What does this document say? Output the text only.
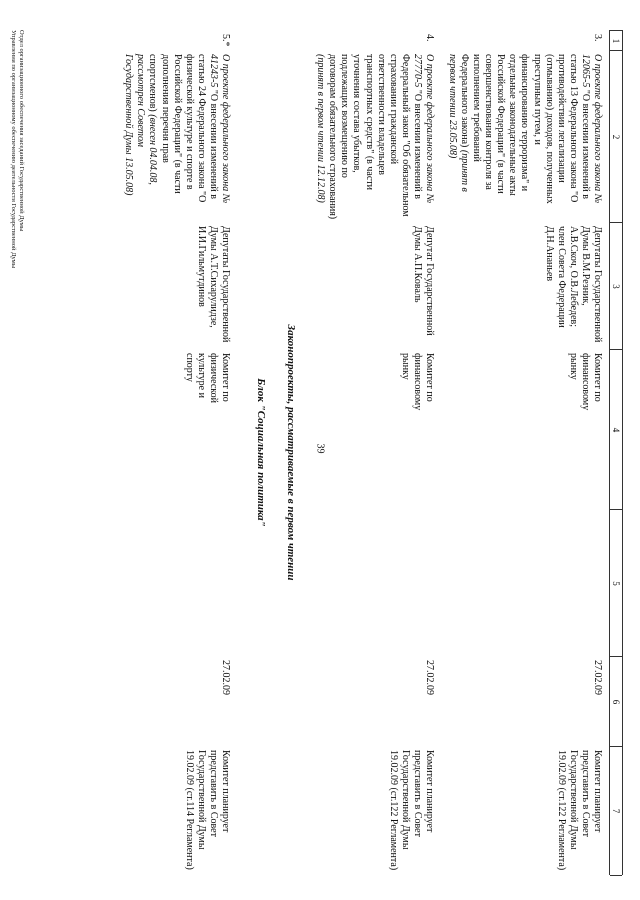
39
1
2
3
4
5
6
7
3.
О проекте федерального закона № 12065-5 "О внесении изменений в статью 13 Федерального закона "О противодействии легализации (отмыванию) доходов, полученных преступным путем, и финансированию терроризма" и отдельные законодательные акты Российской Федерации" (в части совершенствования контроля за исполнением требований Федерального закона) (принят в первом чтении 23.05.08)
Депутаты Государственной Думы В.М.Резник, А.В.Скоч, О.В.Лебедев; член Совета Федерации Д.Н.Ананьев
Комитет по финансовому рынку
27.02.09
Комитет планирует представить в Совет Государственной Думы 19.02.09 (ст.122 Регламента)
4.
О проекте федерального закона № 27770-5 "О внесении изменений в Федеральный закон "Об обязательном страховании гражданской ответственности владельцев транспортных средств" (в части уточнения состава убытков, подлежащих возмещению по договорам обязательного страхования) (принят в первом чтении 12.12.08)
Депутат Государственной Думы А.П.Коваль
Комитет по финансовому рынку
27.02.09
Комитет планирует представить в Совет Государственной Думы 19.02.09 (ст.122 Регламента)
Законопроекты, рассматриваемые в первом чтении
Блок "Социальная политика"
5.*
О проекте федерального закона № 41243-5 "О внесении изменений в статью 24 Федерального закона "О физической культуре и спорте в Российской Федерации" (в части дополнения перечня прав спортсменов) (внесен 04.04.08, рассмотрен Советом Государственной Думы 13.05.08)
Депутаты Государственной Думы А.Т.Сихарулидзе, И.И.Гильмутдинов
Комитет по физической культуре и спорту
27.02.09
Комитет планирует представить в Совет Государственной Думы 19.02.09 (ст.114 Регламента)
Отдел организационного обеспечения заседаний Государственной Думы
Управления по организационному обеспечению деятельности Государственной Думы
